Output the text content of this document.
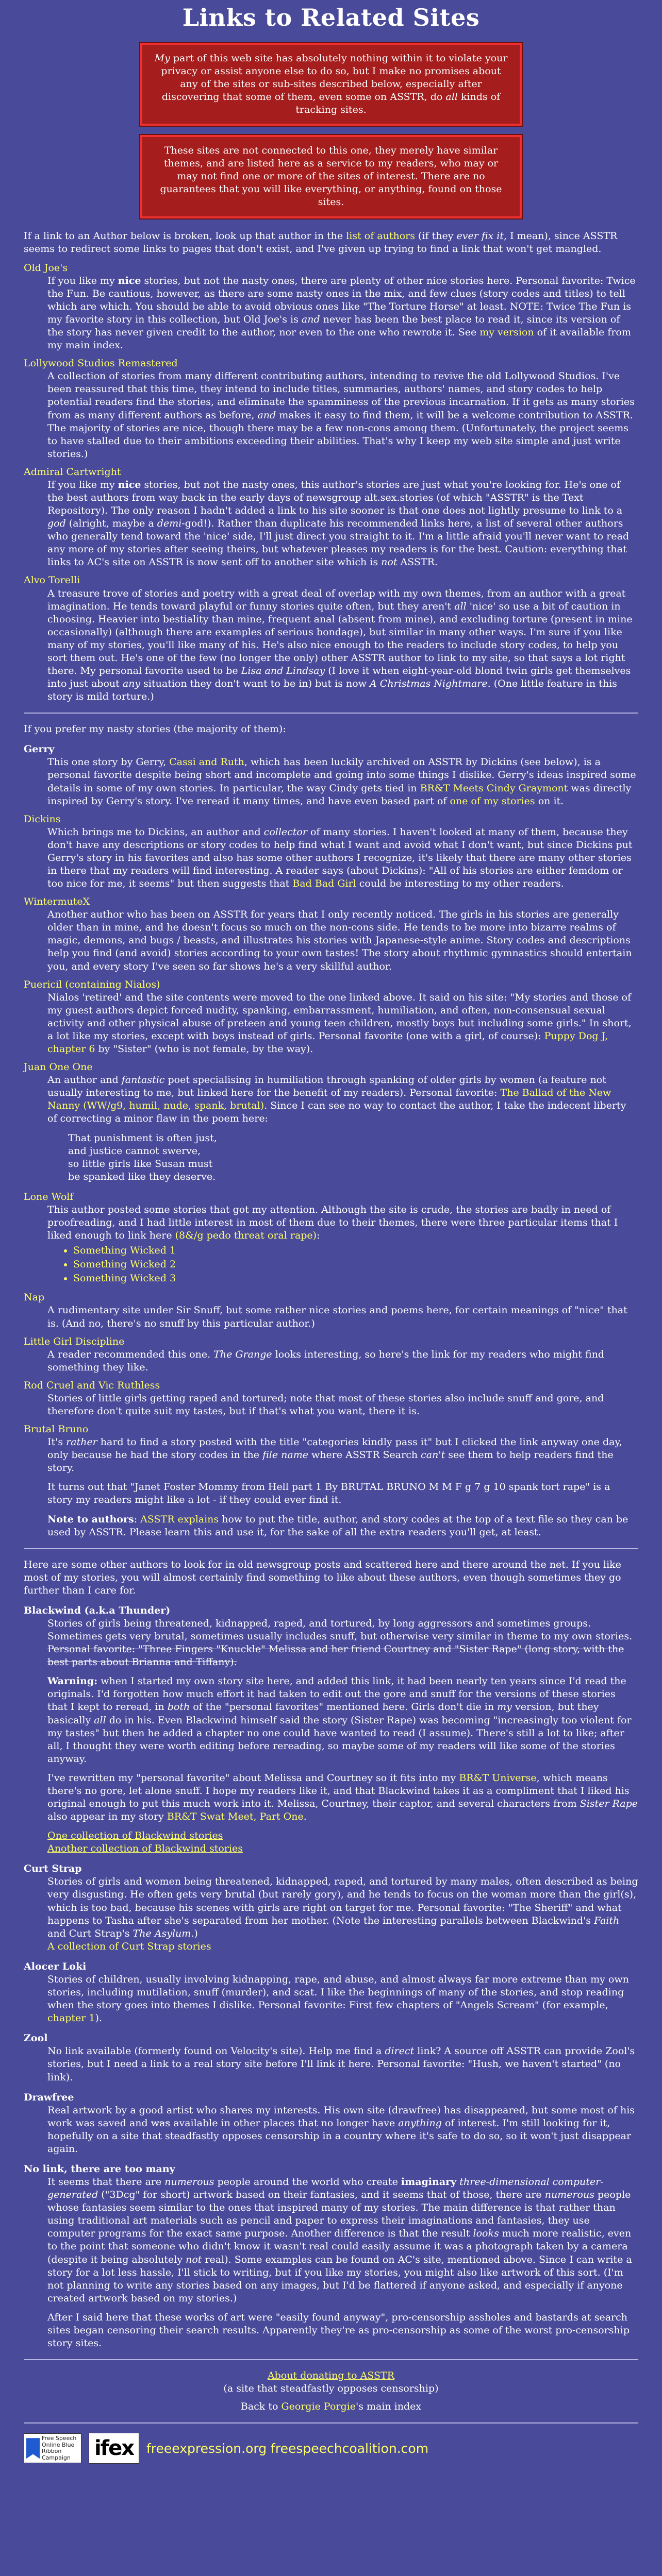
Links to Related Sites
My part of this web site has absolutely nothing within it to violate your privacy or assist anyone else to do so, but I make no promises about any of the sites or sub-sites described below, especially after discovering that some of them, even some on ASSTR, do all kinds of tracking sites.
These sites are not connected to this one, they merely have similar themes, and are listed here as a service to my readers, who may or may not find one or more of the sites of interest. There are no guarantees that you will like everything, or anything, found on those sites.

If a link to an Author below is broken, look up that author in the list of authors (if they ever fix it, I mean), since ASSTR seems to redirect some links to pages that don't exist, and I've given up trying to find a link that won't get mangled.

Old Joe's
If you like my nice stories, but not the nasty ones, there are plenty of other nice stories here. Personal favorite: Twice the Fun. Be cautious, however, as there are some nasty ones in the mix, and few clues (story codes and titles) to tell which are which. You should be able to avoid obvious ones like "The Torture Horse" at least. NOTE: Twice The Fun is my favorite story in this collection, but Old Joe's is and never has been the best place to read it, since its version of the story has never given credit to the author, nor even to the one who rewrote it. See my version of it available from my main index.
Lollywood Studios Remastered
A collection of stories from many different contributing authors, intending to revive the old Lollywood Studios. I've been reassured that this time, they intend to include titles, summaries, authors' names, and story codes to help potential readers find the stories, and eliminate the spamminess of the previous incarnation. If it gets as many stories from as many different authors as before, and makes it easy to find them, it will be a welcome contribution to ASSTR. The majority of stories are nice, though there may be a few non-cons among them. (Unfortunately, the project seems to have stalled due to their ambitions exceeding their abilities. That's why I keep my web site simple and just write stories.)
Admiral Cartwright
If you like my nice stories, but not the nasty ones, this author's stories are just what you're looking for. He's one of the best authors from way back in the early days of newsgroup alt.sex.stories (of which "ASSTR" is the Text Repository). The only reason I hadn't added a link to his site sooner is that one does not lightly presume to link to a god (alright, maybe a demi-god!). Rather than duplicate his recommended links here, a list of several other authors who generally tend toward the 'nice' side, I'll just direct you straight to it. I'm a little afraid you'll never want to read any more of my stories after seeing theirs, but whatever pleases my readers is for the best. Caution: everything that links to AC's site on ASSTR is now sent off to another site which is not ASSTR.
Alvo Torelli
A treasure trove of stories and poetry with a great deal of overlap with my own themes, from an author with a great imagination. He tends toward playful or funny stories quite often, but they aren't all 'nice' so use a bit of caution in choosing. Heavier into bestiality than mine, frequent anal (absent from mine), and excluding torture (present in mine occasionally) (although there are examples of serious bondage), but similar in many other ways. I'm sure if you like many of my stories, you'll like many of his. He's also nice enough to the readers to include story codes, to help you sort them out. He's one of the few (no longer the only) other ASSTR author to link to my site, so that says a lot right there. My personal favorite used to be Lisa and Lindsay (I love it when eight-year-old blond twin girls get themselves into just about any situation they don't want to be in) but is now A Christmas Nightmare. (One little feature in this story is mild torture.)

If you prefer my nasty stories (the majority of them):

Gerry
This one story by Gerry, Cassi and Ruth, which has been luckily archived on ASSTR by Dickins (see below), is a personal favorite despite being short and incomplete and going into some things I dislike. Gerry's ideas inspired some details in some of my own stories. In particular, the way Cindy gets tied in BR&T Meets Cindy Graymont was directly inspired by Gerry's story. I've reread it many times, and have even based part of one of my stories on it.
Dickins
Which brings me to Dickins, an author and collector of many stories. I haven't looked at many of them, because they don't have any descriptions or story codes to help find what I want and avoid what I don't want, but since Dickins put Gerry's story in his favorites and also has some other authors I recognize, it's likely that there are many other stories in there that my readers will find interesting. A reader says (about Dickins): "All of his stories are either femdom or too nice for me, it seems" but then suggests that Bad Bad Girl could be interesting to my other readers.
WintermuteX
Another author who has been on ASSTR for years that I only recently noticed. The girls in his stories are generally older than in mine, and he doesn't focus so much on the non-cons side. He tends to be more into bizarre realms of magic, demons, and bugs / beasts, and illustrates his stories with Japanese-style anime. Story codes and descriptions help you find (and avoid) stories according to your own tastes! The story about rhythmic gymnastics should entertain you, and every story I've seen so far shows he's a very skillful author.
Puericil (containing Nialos)
Nialos 'retired' and the site contents were moved to the one linked above. It said on his site: "My stories and those of my guest authors depict forced nudity, spanking, embarrassment, humiliation, and often, non-consensual sexual activity and other physical abuse of preteen and young teen children, mostly boys but including some girls." In short, a lot like my stories, except with boys instead of girls. Personal favorite (one with a girl, of course): Puppy Dog J, chapter 6 by "Sister" (who is not female, by the way).
Juan One One
An author and fantastic poet specialising in humiliation through spanking of older girls by women (a feature not usually interesting to me, but linked here for the benefit of my readers). Personal favorite: The Ballad of the New Nanny (WW/g9, humil, nude, spank, brutal). Since I can see no way to contact the author, I take the indecent liberty of correcting a minor flaw in the poem here:
That punishment is often just,
and justice cannot swerve,
so little girls like Susan must
be spanked like they deserve.
Lone Wolf
This author posted some stories that got my attention. Although the site is crude, the stories are badly in need of proofreading, and I had little interest in most of them due to their themes, there were three particular items that I liked enough to link here (8&/g pedo threat oral rape):
• Something Wicked 1
• Something Wicked 2
• Something Wicked 3
Nap
A rudimentary site under Sir Snuff, but some rather nice stories and poems here, for certain meanings of "nice" that is. (And no, there's no snuff by this particular author.)
Little Girl Discipline
A reader recommended this one. The Grange looks interesting, so here's the link for my readers who might find something they like.
Rod Cruel and Vic Ruthless
Stories of little girls getting raped and tortured; note that most of these stories also include snuff and gore, and therefore don't quite suit my tastes, but if that's what you want, there it is.
Brutal Bruno

It's rather hard to find a story posted with the title "categories kindly pass it" but I clicked the link anyway one day, only because he had the story codes in the file name where ASSTR Search can't see them to help readers find the story.

It turns out that "Janet Foster Mommy from Hell part 1 By BRUTAL BRUNO M M F g 7 g 10 spank tort rape" is a story my readers might like a lot - if they could ever find it.

Note to authors: ASSTR explains how to put the title, author, and story codes at the top of a text file so they can be used by ASSTR. Please learn this and use it, for the sake of all the extra readers you'll get, at least.

Here are some other authors to look for in old newsgroup posts and scattered here and there around the net. If you like most of my stories, you will almost certainly find something to like about these authors, even though sometimes they go further than I care for.

Blackwind (a.k.a Thunder)

Stories of girls being threatened, kidnapped, raped, and tortured, by long aggressors and sometimes groups. Sometimes gets very brutal, sometimes usually includes snuff, but otherwise very similar in theme to my own stories. Personal favorite: "Three Fingers "Knuckle" Melissa and her friend Courtney and "Sister Rape" (long story, with the best parts about Brianna and Tiffany).

Warning: when I started my own story site here, and added this link, it had been nearly ten years since I'd read the originals. I'd forgotten how much effort it had taken to edit out the gore and snuff for the versions of these stories that I kept to reread, in both of the "personal favorites" mentioned here. Girls don't die in my version, but they basically all do in his. Even Blackwind himself said the story (Sister Rape) was becoming "increasingly too violent for my tastes" but then he added a chapter no one could have wanted to read (I assume). There's still a lot to like; after all, I thought they were worth editing before rereading, so maybe some of my readers will like some of the stories anyway.

I've rewritten my "personal favorite" about Melissa and Courtney so it fits into my BR&T Universe, which means there's no gore, let alone snuff. I hope my readers like it, and that Blackwind takes it as a compliment that I liked his original enough to put this much work into it. Melissa, Courtney, their captor, and several characters from Sister Rape also appear in my story BR&T Swat Meet, Part One.

One collection of Blackwind stories
Another collection of Blackwind stories
Curt Strap
Stories of girls and women being threatened, kidnapped, raped, and tortured by many males, often described as being very disgusting. He often gets very brutal (but rarely gory), and he tends to focus on the woman more than the girl(s), which is too bad, because his scenes with girls are right on target for me. Personal favorite: "The Sheriff" and what happens to Tasha after she's separated from her mother. (Note the interesting parallels between Blackwind's Faith and Curt Strap's The Asylum.)
A collection of Curt Strap stories
Alocer Loki
Stories of children, usually involving kidnapping, rape, and abuse, and almost always far more extreme than my own stories, including mutilation, snuff (murder), and scat. I like the beginnings of many of the stories, and stop reading when the story goes into themes I dislike. Personal favorite: First few chapters of "Angels Scream" (for example, chapter 1).
Zool
No link available (formerly found on Velocity's site). Help me find a direct link? A source off ASSTR can provide Zool's stories, but I need a link to a real story site before I'll link it here. Personal favorite: "Hush, we haven't started" (no link).
Drawfree
Real artwork by a good artist who shares my interests. His own site (drawfree) has disappeared, but some most of his work was saved and was available in other places that no longer have anything of interest. I'm still looking for it, hopefully on a site that steadfastly opposes censorship in a country where it's safe to do so, so it won't just disappear again.
No link, there are too many

It seems that there are numerous people around the world who create imaginary three-dimensional computer-generated ("3Dcg" for short) artwork based on their fantasies, and it seems that of those, there are numerous people whose fantasies seem similar to the ones that inspired many of my stories. The main difference is that rather than using traditional art materials such as pencil and paper to express their imaginations and fantasies, they use computer programs for the exact same purpose. Another difference is that the result looks much more realistic, even to the point that someone who didn't know it wasn't real could easily assume it was a photograph taken by a camera (despite it being absolutely not real). Some examples can be found on AC's site, mentioned above. Since I can write a story for a lot less hassle, I'll stick to writing, but if you like my stories, you might also like artwork of this sort. (I'm not planning to write any stories based on any images, but I'd be flattered if anyone asked, and especially if anyone created artwork based on my stories.)

After I said here that these works of art were "easily found anyway", pro-censorship assholes and bastards at search sites began censoring their search results. Apparently they're as pro-censorship as some of the worst pro-censorship story sites.

About donating to ASSTR
(a site that steadfastly opposes censorship)
Back to Georgie Porgie's main index
Free Speech Online Blue Ribbon Campaign	ifex freeexpression.org freespeechcoalition.com
